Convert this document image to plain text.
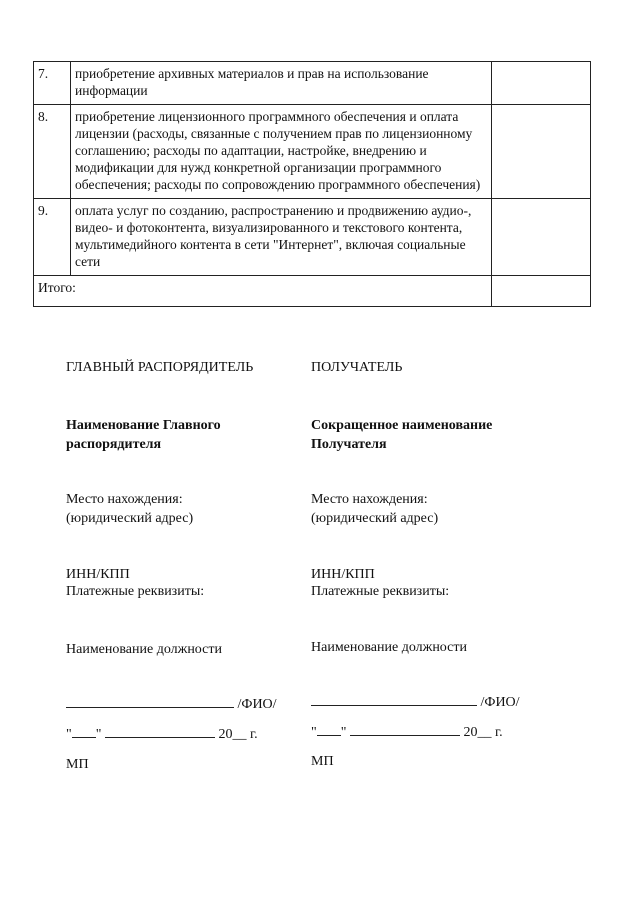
7.	приобретение архивных материалов и прав на использование информации	
8.	приобретение лицензионного программного обеспечения и оплата лицензии (расходы, связанные с получением прав по лицензионному соглашению; расходы по адаптации, настройке, внедрению и модификации для нужд конкретной организации программного обеспечения; расходы по сопровождению программного обеспечения)	
9.	оплата услуг по созданию, распространению и продвижению аудио-, видео- и фотоконтента, визуализированного и текстового контента, мультимедийного контента в сети "Интернет", включая социальные сети	
Итого:		
ГЛАВНЫЙ РАСПОРЯДИТЕЛЬ
Наименование Главного
распорядителя
Место нахождения:
(юридический адрес)
ИНН/КПП
Платежные реквизиты:
Наименование должности
/ФИО/
" "	20__ г.
МП
ПОЛУЧАТЕЛЬ
Сокращенное наименование
Получателя
Место нахождения:
(юридический адрес)
ИНН/КПП
Платежные реквизиты:
Наименование должности
/ФИО/
" "	20__ г.
МП
